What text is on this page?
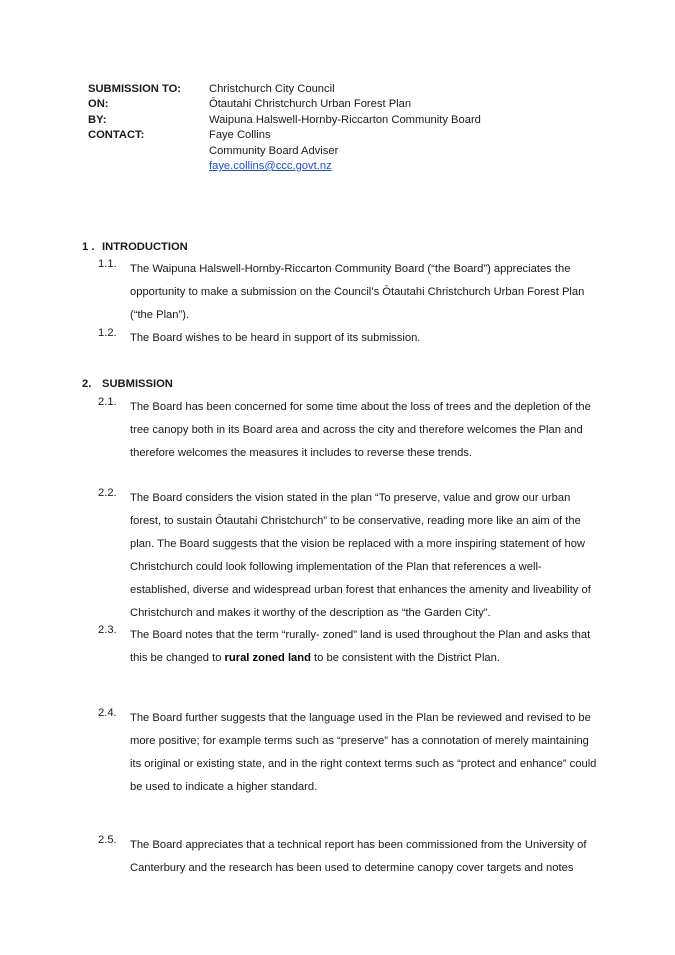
SUBMISSION TO:	Christchurch City Council
ON:	Ōtautahi Christchurch Urban Forest Plan
BY:	Waipuna Halswell-Hornby-Riccarton Community Board
CONTACT:	Faye Collins
Community Board Adviser
faye.collins@ccc.govt.nz
1 . INTRODUCTION
1.1.	The Waipuna Halswell-Hornby-Riccarton Community Board (“the Board”) appreciates the opportunity to make a submission on the Council’s Ōtautahi Christchurch Urban Forest Plan (“the Plan”).
1.2.	The Board wishes to be heard in support of its submission.
2. SUBMISSION
2.1.	The Board has been concerned for some time about the loss of trees and the depletion of the tree canopy both in its Board area and across the city and therefore welcomes the Plan and therefore welcomes the measures it includes to reverse these trends.
2.2.	The Board considers the vision stated in the plan “To preserve, value and grow our urban forest, to sustain Ōtautahi Christchurch” to be conservative, reading more like an aim of the plan. The Board suggests that the vision be replaced with a more inspiring statement of how Christchurch could look following implementation of the Plan that references a well-established, diverse and widespread urban forest that enhances the amenity and liveability of Christchurch and makes it worthy of the description as “the Garden City”.
2.3.	The Board notes that the term “rurally- zoned” land is used throughout the Plan and asks that this be changed to rural zoned land to be consistent with the District Plan.
2.4.	The Board further suggests that the language used in the Plan be reviewed and revised to be more positive; for example terms such as “preserve” has a connotation of merely maintaining its original or existing state, and in the right context terms such as “protect and enhance” could be used to indicate a higher standard.
2.5.	The Board appreciates that a technical report has been commissioned from the University of Canterbury and the research has been used to determine canopy cover targets and notes
